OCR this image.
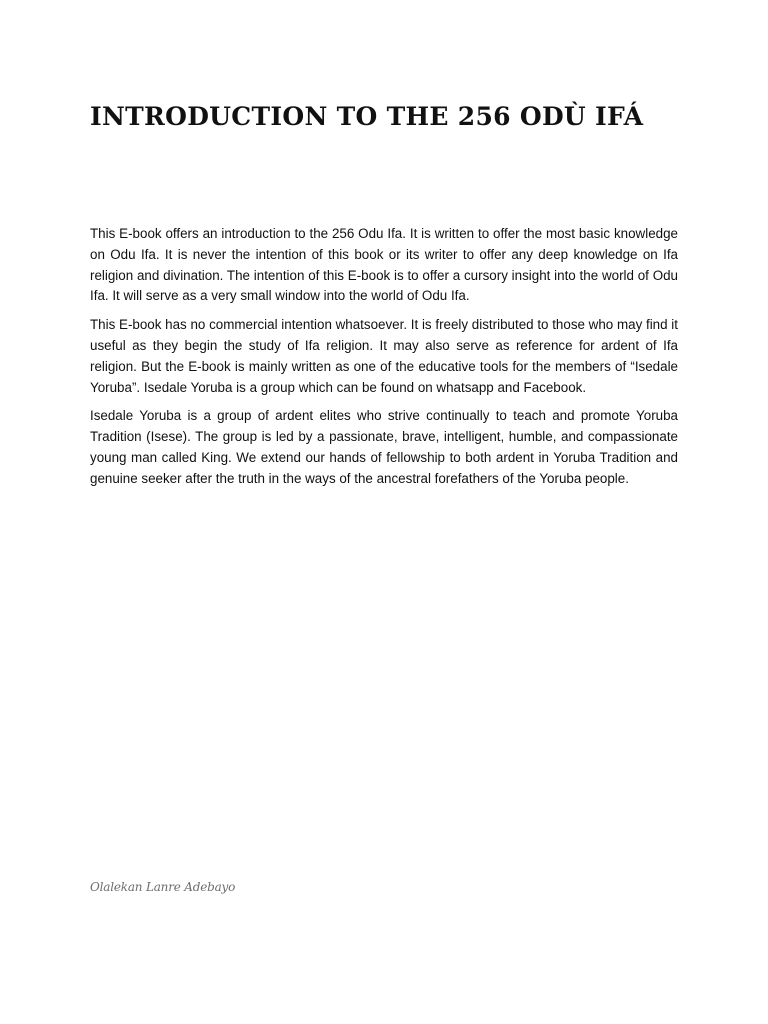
INTRODUCTION TO THE 256 ODÙ IFÁ

This E-book offers an introduction to the 256 Odu Ifa. It is written to offer the most basic knowledge on Odu Ifa. It is never the intention of this book or its writer to offer any deep knowledge on Ifa religion and divination. The intention of this E-book is to offer a cursory insight into the world of Odu Ifa. It will serve as a very small window into the world of Odu Ifa.

This E-book has no commercial intention whatsoever. It is freely distributed to those who may find it useful as they begin the study of Ifa religion. It may also serve as reference for ardent of Ifa religion. But the E-book is mainly written as one of the educative tools for the members of “Isedale Yoruba”. Isedale Yoruba is a group which can be found on whatsapp and Facebook.

Isedale Yoruba is a group of ardent elites who strive continually to teach and promote Yoruba Tradition (Isese). The group is led by a passionate, brave, intelligent, humble, and compassionate young man called King. We extend our hands of fellowship to both ardent in Yoruba Tradition and genuine seeker after the truth in the ways of the ancestral forefathers of the Yoruba people.

Olalekan Lanre Adebayo
